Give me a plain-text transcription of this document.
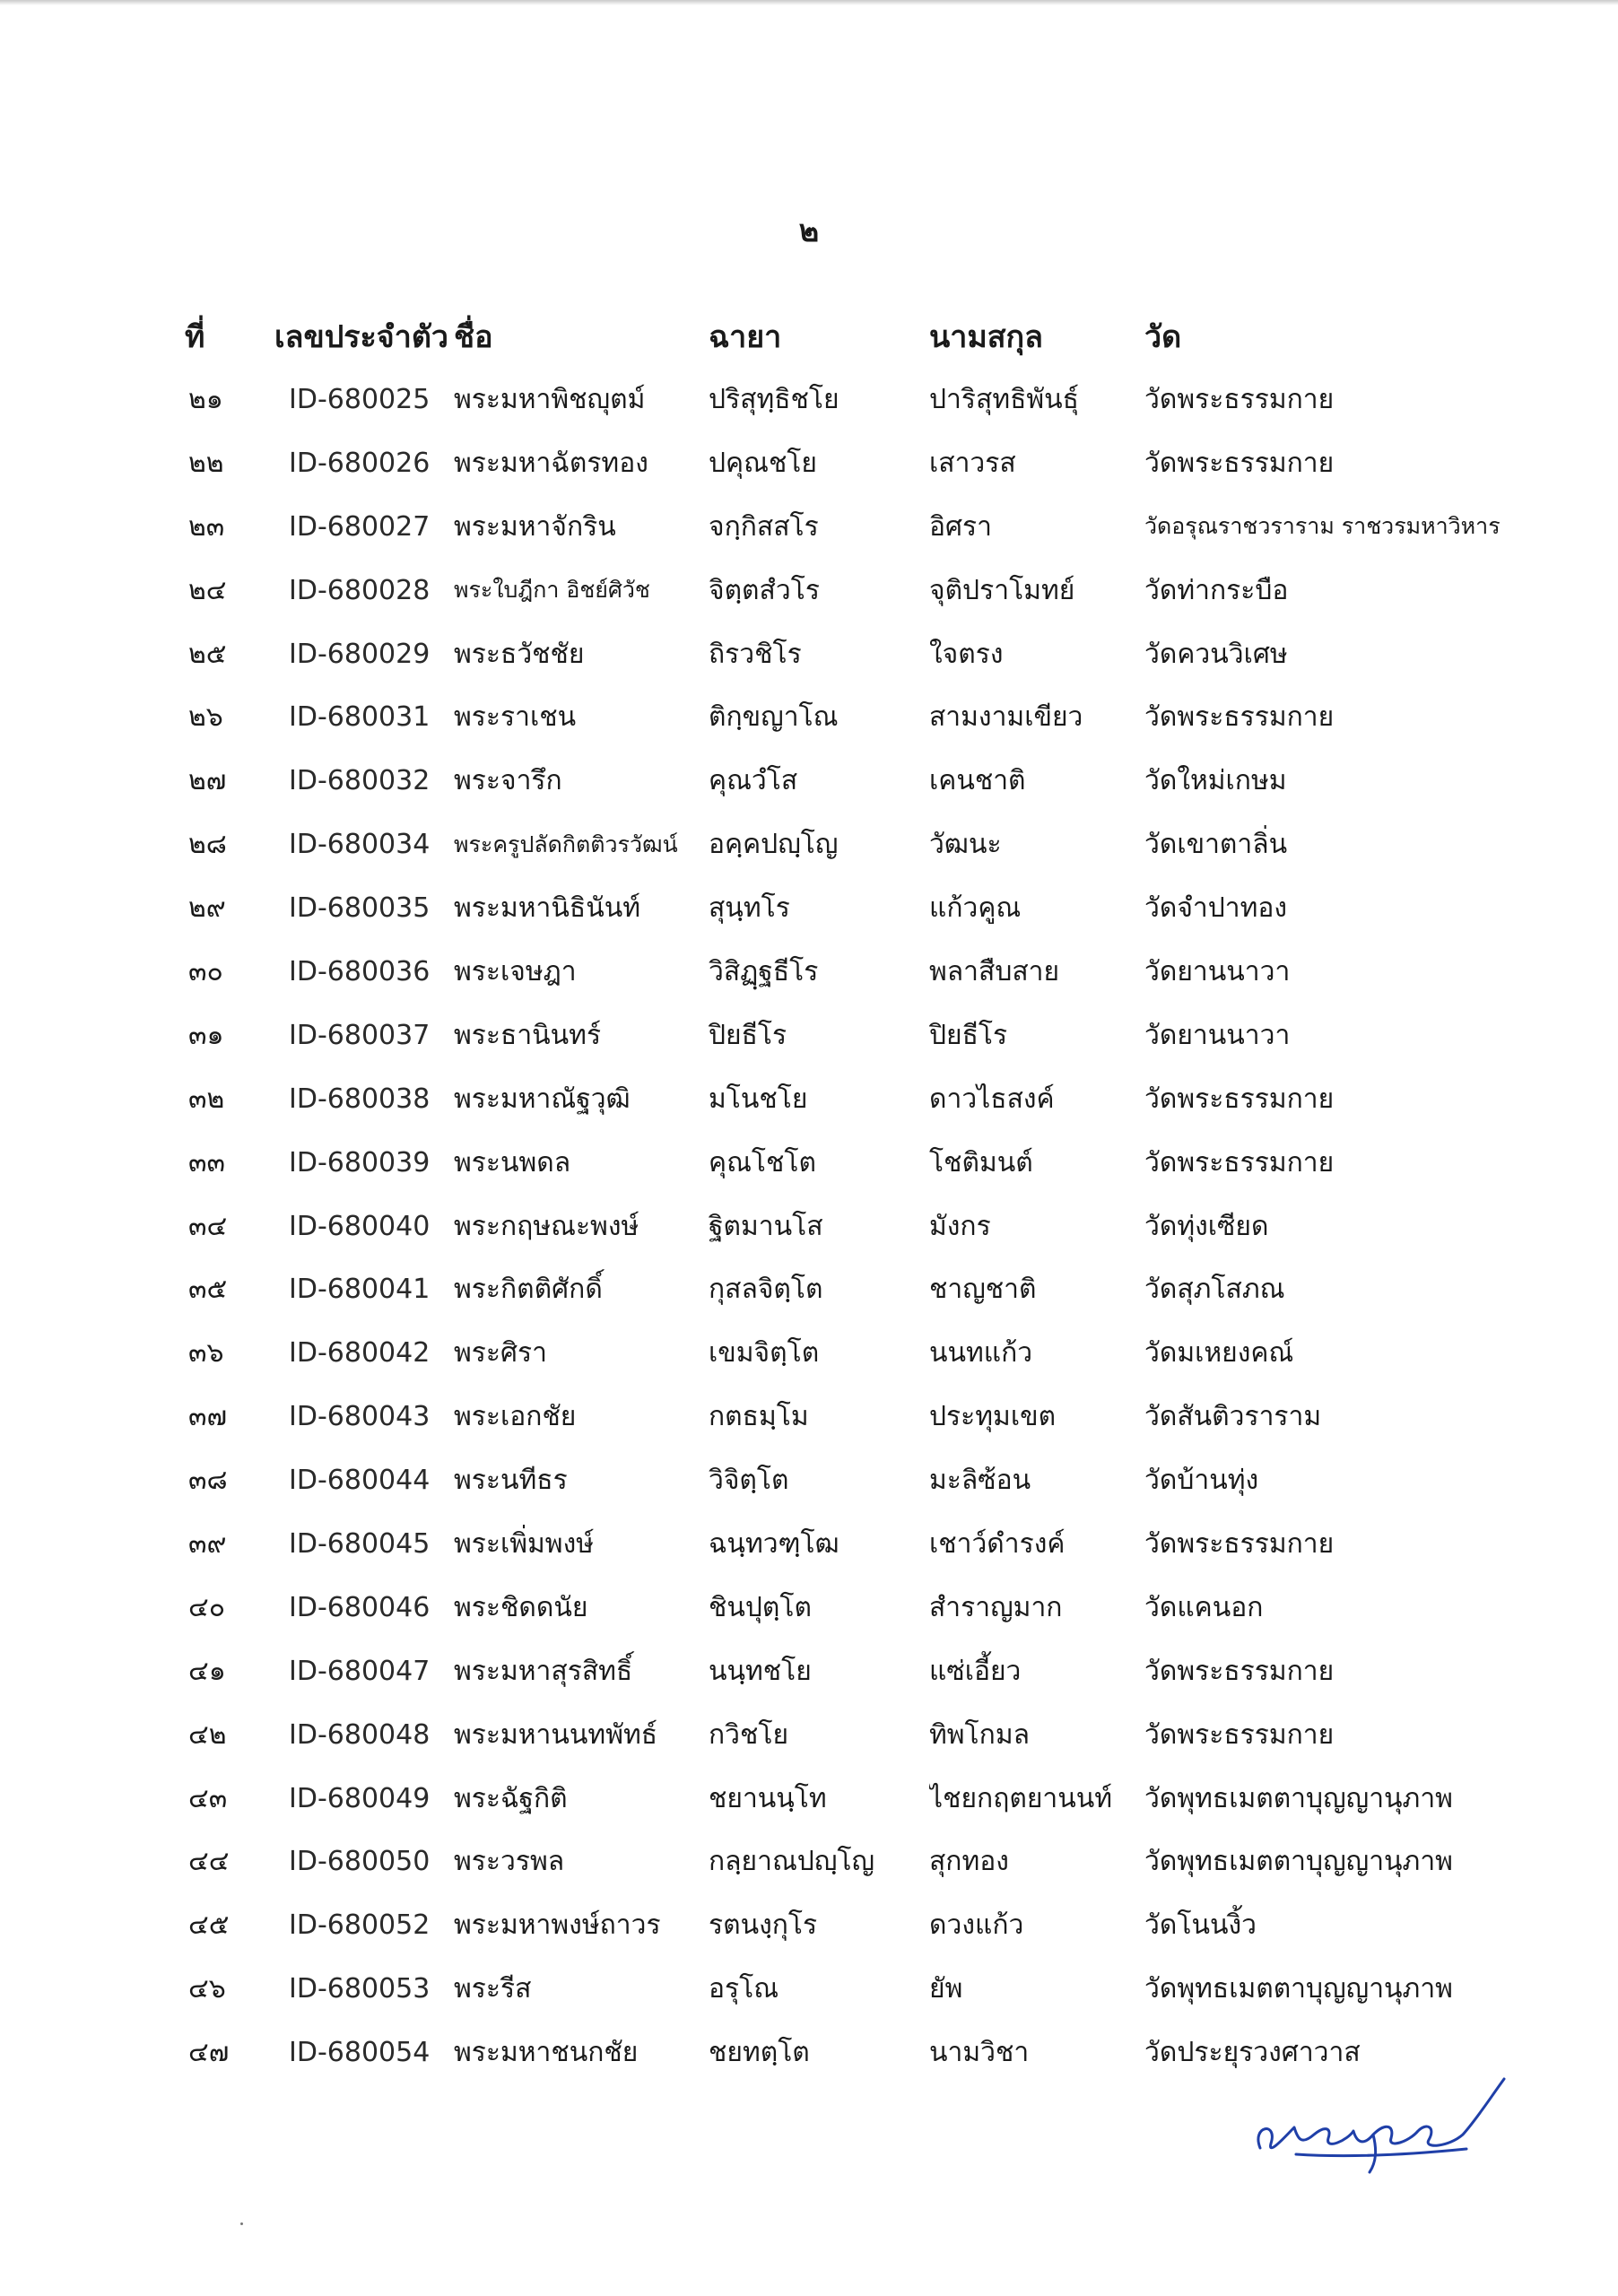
๒
ที่	เลขประจำตัว	ชื่อ	ฉายา	นามสกุล	วัด
๒๑	ID-680025	พระมหาพิชญุตม์	ปริสุทฺธิชโย	ปาริสุทธิพันธุ์	วัดพระธรรมกาย
๒๒	ID-680026	พระมหาฉัตรทอง	ปคุณชโย	เสาวรส	วัดพระธรรมกาย
๒๓	ID-680027	พระมหาจักริน	จกฺกิสสโร	อิศรา	วัดอรุณราชวราราม ราชวรมหาวิหาร
๒๔	ID-680028	พระใบฎีกา อิชย์ศิวัช	จิตฺตสํวโร	จุติปราโมทย์	วัดท่ากระบือ
๒๕	ID-680029	พระธวัชชัย	ถิรวชิโร	ใจตรง	วัดควนวิเศษ
๒๖	ID-680031	พระราเชน	ติกฺขญาโณ	สามงามเขียว	วัดพระธรรมกาย
๒๗	ID-680032	พระจารึก	คุณวํโส	เคนชาติ	วัดใหม่เกษม
๒๘	ID-680034	พระครูปลัดกิตติวรวัฒน์	อคฺคปญฺโญ	วัฒนะ	วัดเขาตาลิ่น
๒๙	ID-680035	พระมหานิธินันท์	สุนฺทโร	แก้วคูณ	วัดจำปาทอง
๓๐	ID-680036	พระเจษฎา	วิสิฏฺฐธีโร	พลาสืบสาย	วัดยานนาวา
๓๑	ID-680037	พระธานินทร์	ปิยธีโร	ปิยธีโร	วัดยานนาวา
๓๒	ID-680038	พระมหาณัฐวุฒิ	มโนชโย	ดาวไธสงค์	วัดพระธรรมกาย
๓๓	ID-680039	พระนพดล	คุณโชโต	โชติมนต์	วัดพระธรรมกาย
๓๔	ID-680040	พระกฤษณะพงษ์	ฐิตมานโส	มังกร	วัดทุ่งเซียด
๓๕	ID-680041	พระกิตติศักดิ์	กุสลจิตฺโต	ชาญชาติ	วัดสุภโสภณ
๓๖	ID-680042	พระศิรา	เขมจิตฺโต	นนทแก้ว	วัดมเหยงคณ์
๓๗	ID-680043	พระเอกชัย	กตธมฺโม	ประทุมเขต	วัดสันติวราราม
๓๘	ID-680044	พระนทีธร	วิจิตฺโต	มะลิซ้อน	วัดบ้านทุ่ง
๓๙	ID-680045	พระเพิ่มพงษ์	ฉนฺทวฑฺโฒ	เชาว์ดำรงค์	วัดพระธรรมกาย
๔๐	ID-680046	พระชิดดนัย	ชินปุตฺโต	สำราญมาก	วัดแคนอก
๔๑	ID-680047	พระมหาสุรสิทธิ์	นนฺทชโย	แซ่เอี้ยว	วัดพระธรรมกาย
๔๒	ID-680048	พระมหานนทพัทธ์	กวิชโย	ทิพโกมล	วัดพระธรรมกาย
๔๓	ID-680049	พระฉัฐกิติ	ชยานนฺโท	ไชยกฤตยานนท์	วัดพุทธเมตตาบุญญานุภาพ
๔๔	ID-680050	พระวรพล	กลฺยาณปญฺโญ	สุกทอง	วัดพุทธเมตตาบุญญานุภาพ
๔๕	ID-680052	พระมหาพงษ์ถาวร	รตนงฺกุโร	ดวงแก้ว	วัดโนนงิ้ว
๔๖	ID-680053	พระรีส	อรุโณ	ยัพ	วัดพุทธเมตตาบุญญานุภาพ
๔๗	ID-680054	พระมหาชนกชัย	ชยทตฺโต	นามวิชา	วัดประยุรวงศาวาส
